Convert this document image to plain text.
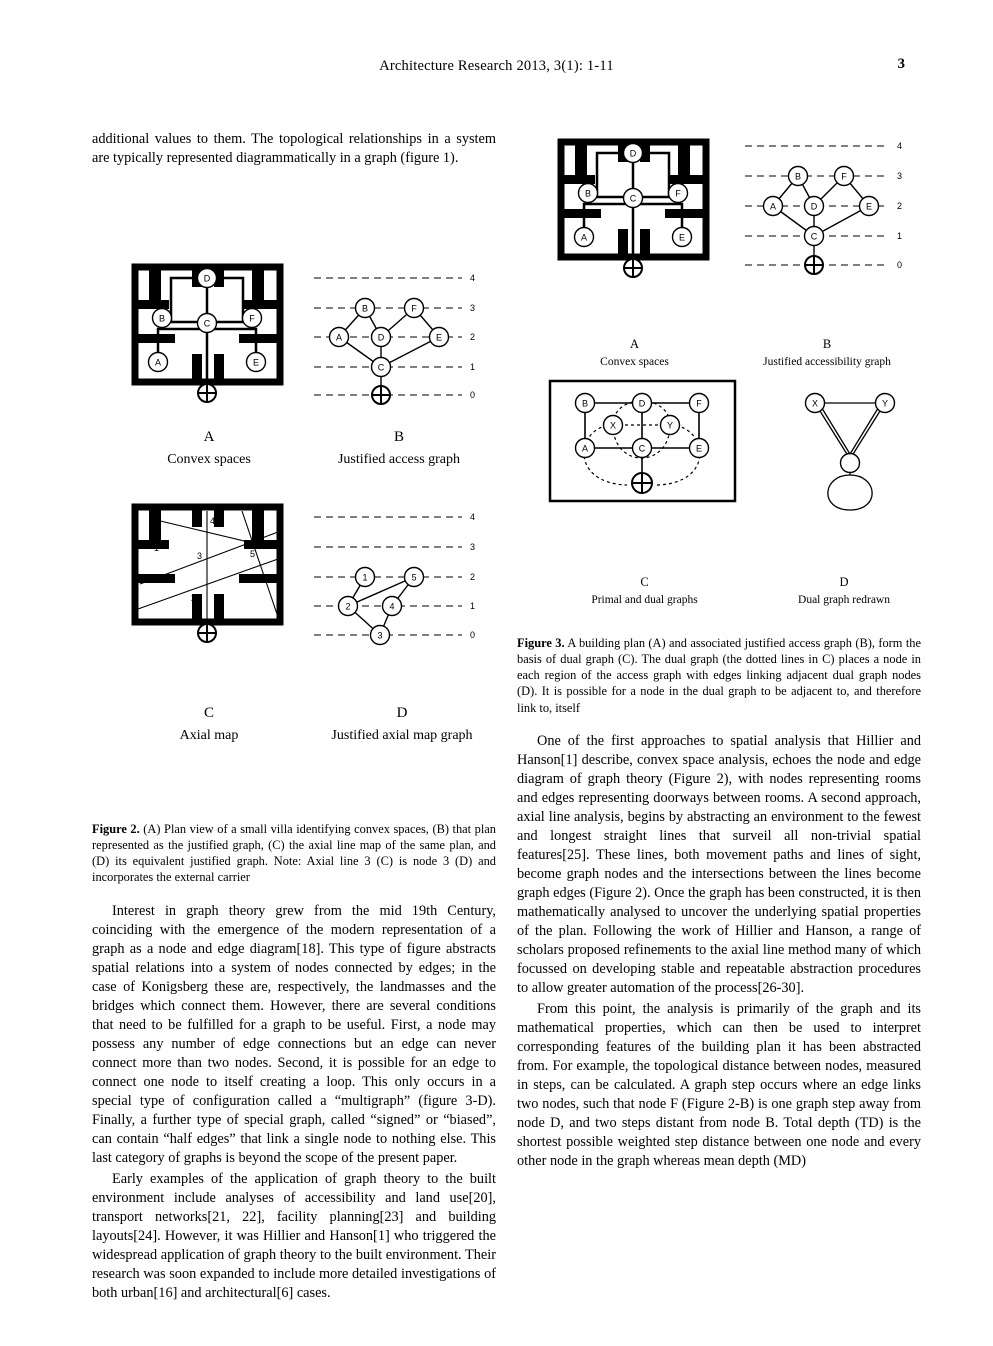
Architecture Research 2013, 3(1): 1-11	3

additional values to them. The topological relationships in a system are typically represented diagrammatically in a graph (figure 1).

D
B	F
C
A	E
4
3
2
1
0
B	F
A	D	E
C
A
Convex spaces
B
Justified access graph
1
2
3
4
5
4
3
2
1
0
1	5
2	4
3
C
Axial map
D
Justified axial map graph
Figure 2. (A) Plan view of a small villa identifying convex spaces, (B) that plan represented as the justified graph, (C) the axial line map of the same plan, and (D) its equivalent justified graph. Note: Axial line 3 (C) is node 3 (D) and incorporates the external carrier

Interest in graph theory grew from the mid 19th Century, coinciding with the emergence of the modern representation of a graph as a node and edge diagram[18]. This type of figure abstracts spatial relations into a system of nodes connected by edges; in the case of Konigsberg these are, respectively, the landmasses and the bridges which connect them. However, there are several conditions that need to be fulfilled for a graph to be useful. First, a node may possess any number of edge connections but an edge can never connect more than two nodes. Second, it is possible for an edge to connect one node to itself creating a loop. This only occurs in a special type of configuration called a “multigraph” (figure 3-D). Finally, a further type of special graph, called “signed” or “biased”, can contain “half edges” that link a single node to nothing else. This last category of graphs is beyond the scope of the present paper.

Early examples of the application of graph theory to the built environment include analyses of accessibility and land use[20], transport networks[21, 22], facility planning[23] and building layouts[24]. However, it was Hillier and Hanson[1] who triggered the widespread application of graph theory to the built environment. Their research was soon expanded to include more detailed investigations of both urban[16] and architectural[6] cases.

D
B	F
C
A	E
4
3
2
1
0
B	F
A	D	E
C
A
Convex spaces
B
Justified accessibility graph
B	D	F
X	Y
A	C	E
X	Y
C
Primal and dual graphs
D
Dual graph redrawn
Figure 3. A building plan (A) and associated justified access graph (B), form the basis of dual graph (C). The dual graph (the dotted lines in C) places a node in each region of the access graph with edges linking adjacent dual graph nodes (D). It is possible for a node in the dual graph to be adjacent to, and therefore link to, itself

One of the first approaches to spatial analysis that Hillier and Hanson[1] describe, convex space analysis, echoes the node and edge diagram of graph theory (Figure 2), with nodes representing rooms and edges representing doorways between rooms. A second approach, axial line analysis, begins by abstracting an environment to the fewest and longest straight lines that surveil all non-trivial spatial features[25]. These lines, both movement paths and lines of sight, become graph nodes and the intersections between the lines become graph edges (Figure 2). Once the graph has been constructed, it is then mathematically analysed to uncover the underlying spatial properties of the plan. Following the work of Hillier and Hanson, a range of scholars proposed refinements to the axial line method many of which focussed on developing stable and repeatable abstraction procedures to allow greater automation of the process[26-30].

From this point, the analysis is primarily of the graph and its mathematical properties, which can then be used to interpret corresponding features of the building plan it has been abstracted from. For example, the topological distance between nodes, measured in steps, can be calculated. A graph step occurs where an edge links two nodes, such that node F (Figure 2-B) is one graph step away from node D, and two steps distant from node B. Total depth (TD) is the shortest possible weighted step distance between one node and every other node in the graph whereas mean depth (MD)
